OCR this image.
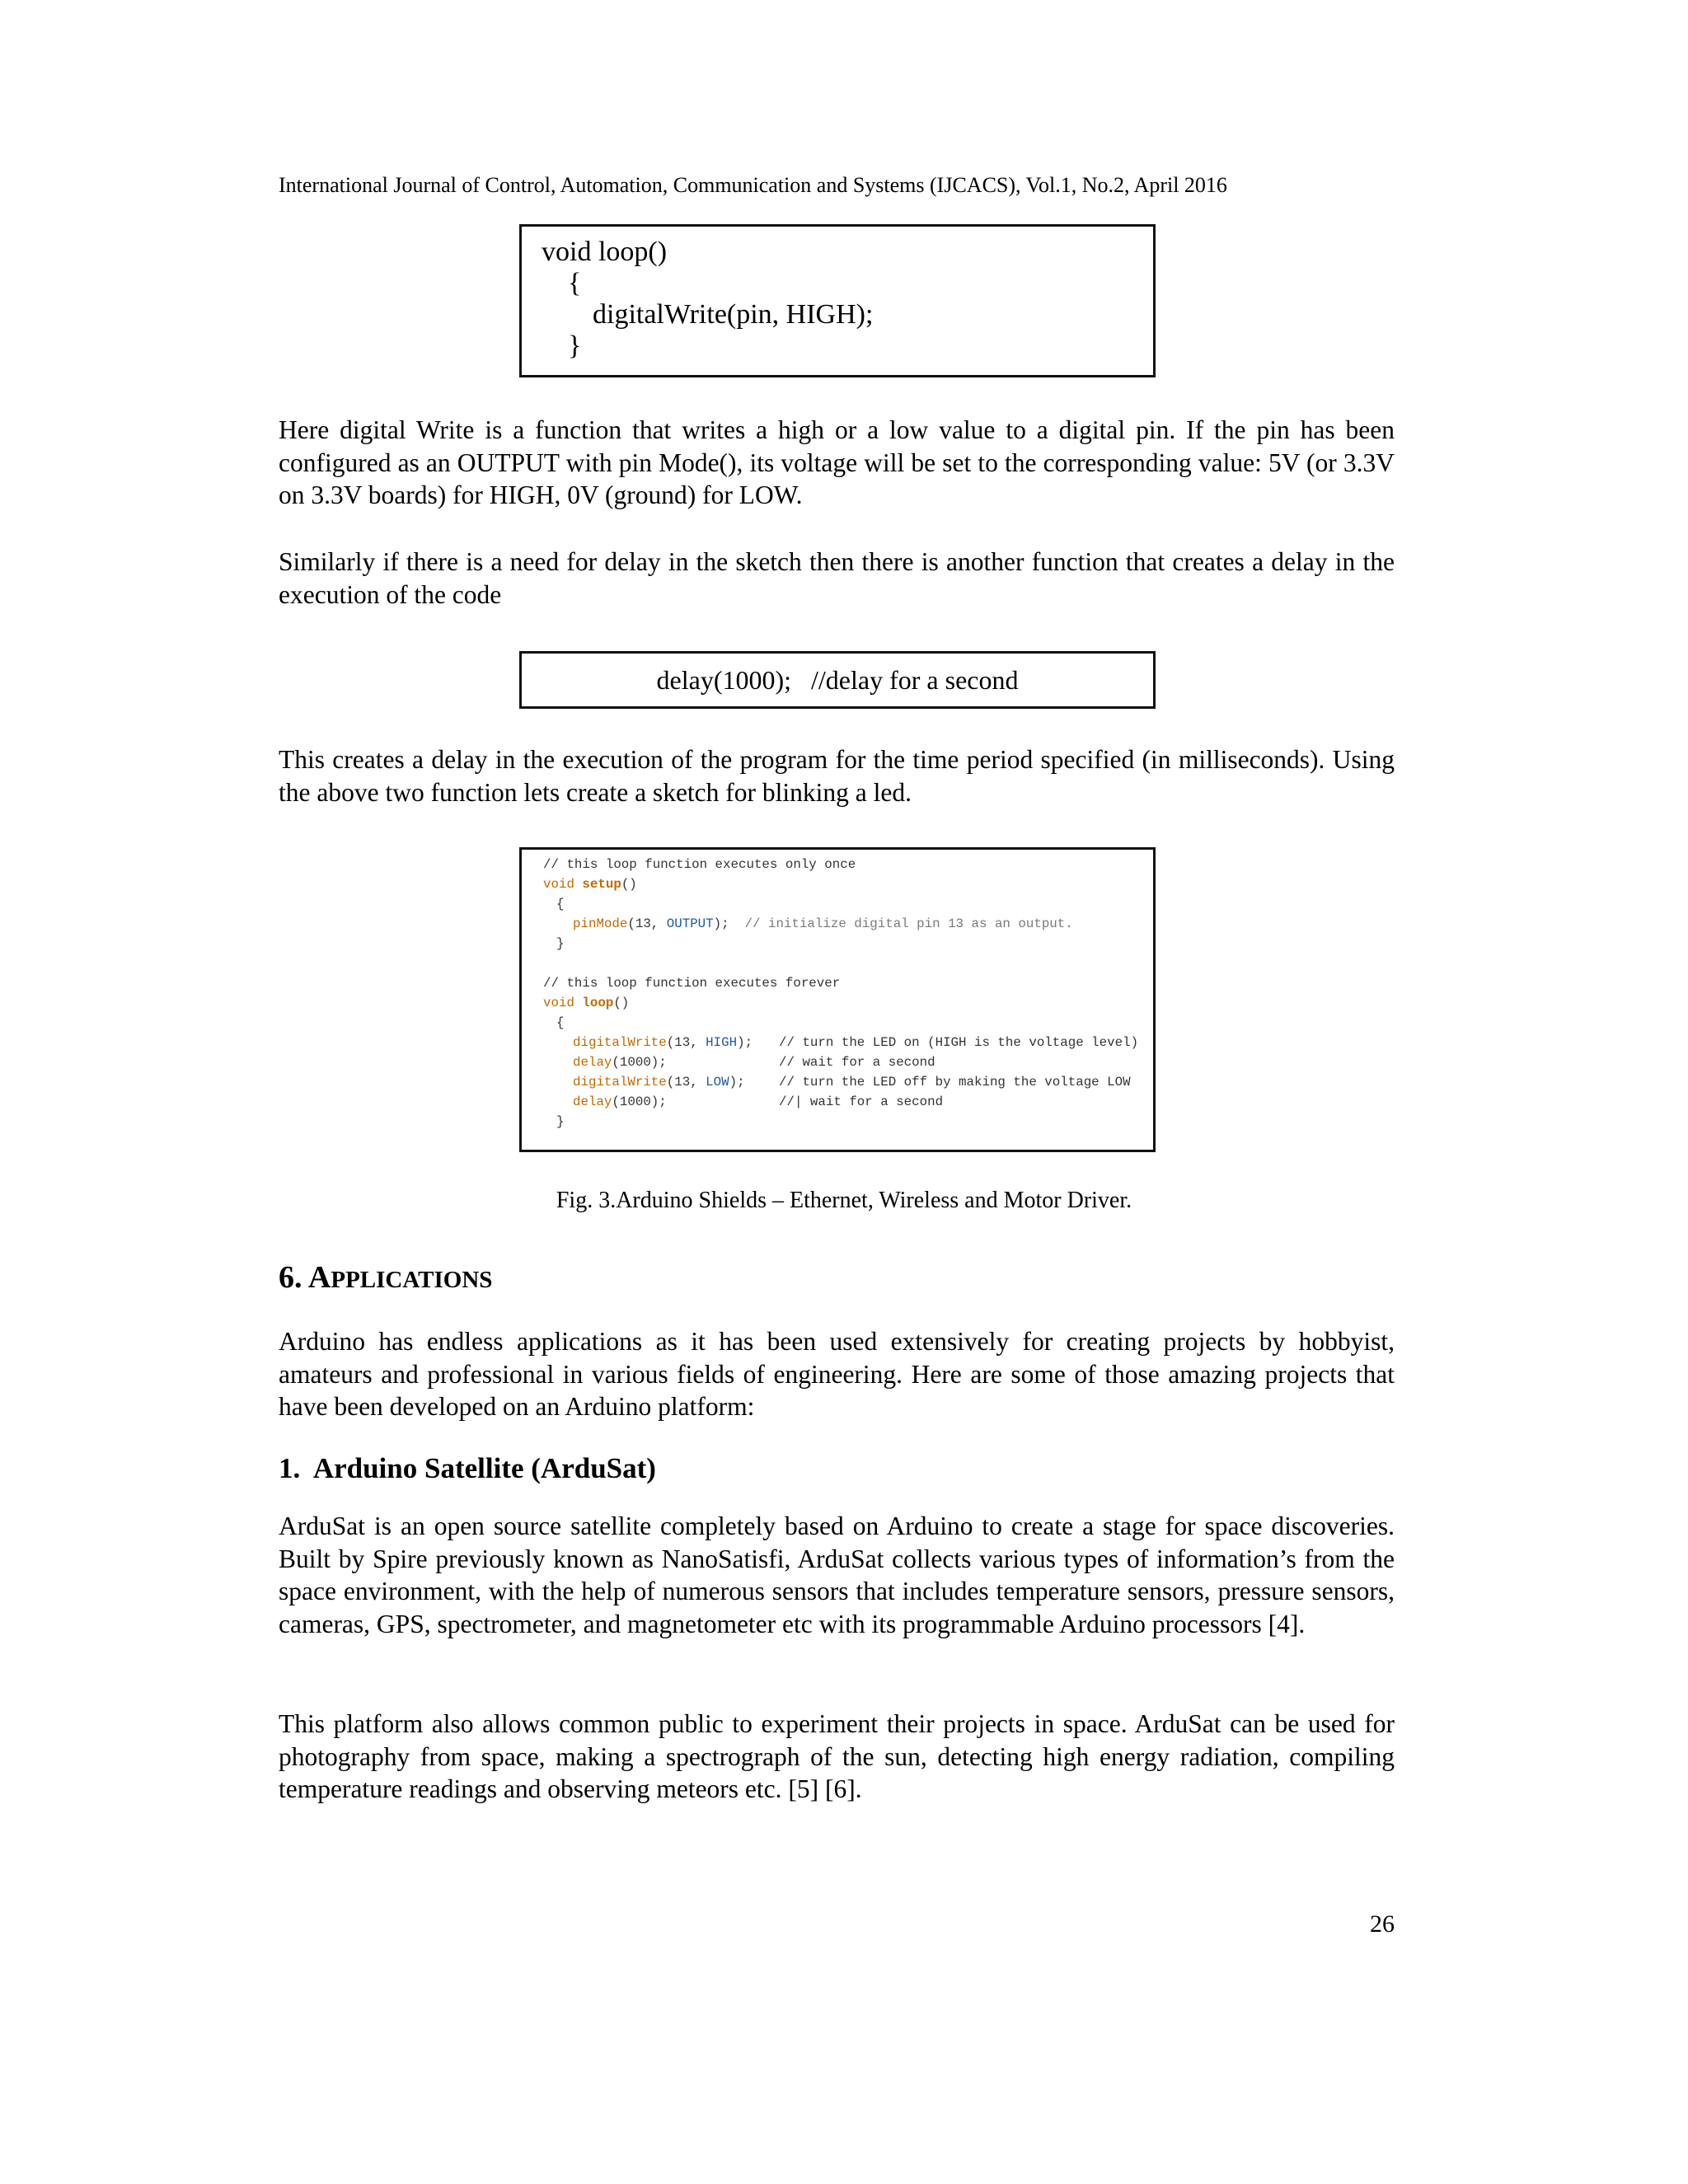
International Journal of Control, Automation, Communication and Systems (IJCACS), Vol.1, No.2, April 2016
void loop()
{
digitalWrite(pin, HIGH);
}

Here digital Write is a function that writes a high or a low value to a digital pin. If the pin has been configured as an OUTPUT with pin Mode(), its voltage will be set to the corresponding value: 5V (or 3.3V on 3.3V boards) for HIGH, 0V (ground) for LOW.

Similarly if there is a need for delay in the sketch then there is another function that creates a delay in the execution of the code

delay(1000);   //delay for a second

This creates a delay in the execution of the program for the time period specified (in milliseconds). Using the above two function lets create a sketch for blinking a led.

// this loop function executes only once
void setup()
{
pinMode(13, OUTPUT); // initialize digital pin 13 as an output.
}
// this loop function executes forever
void loop()
{
digitalWrite(13, HIGH); // turn the LED on (HIGH is the voltage level)
delay(1000);	// wait for a second
digitalWrite(13, LOW);	// turn the LED off by making the voltage LOW
delay(1000);	//| wait for a second
}
Fig. 3.Arduino Shields – Ethernet, Wireless and Motor Driver.
6. APPLICATIONS

Arduino has endless applications as it has been used extensively for creating projects by hobbyist, amateurs and professional in various fields of engineering. Here are some of those amazing projects that have been developed on an Arduino platform:

1.  Arduino Satellite (ArduSat)

ArduSat is an open source satellite completely based on Arduino to create a stage for space discoveries. Built by Spire previously known as NanoSatisfi, ArduSat collects various types of information’s from the space environment, with the help of numerous sensors that includes temperature sensors, pressure sensors, cameras, GPS, spectrometer, and magnetometer etc with its programmable Arduino processors [4].

This platform also allows common public to experiment their projects in space. ArduSat can be used for photography from space, making a spectrograph of the sun, detecting high energy radiation, compiling temperature readings and observing meteors etc. [5] [6].

26
